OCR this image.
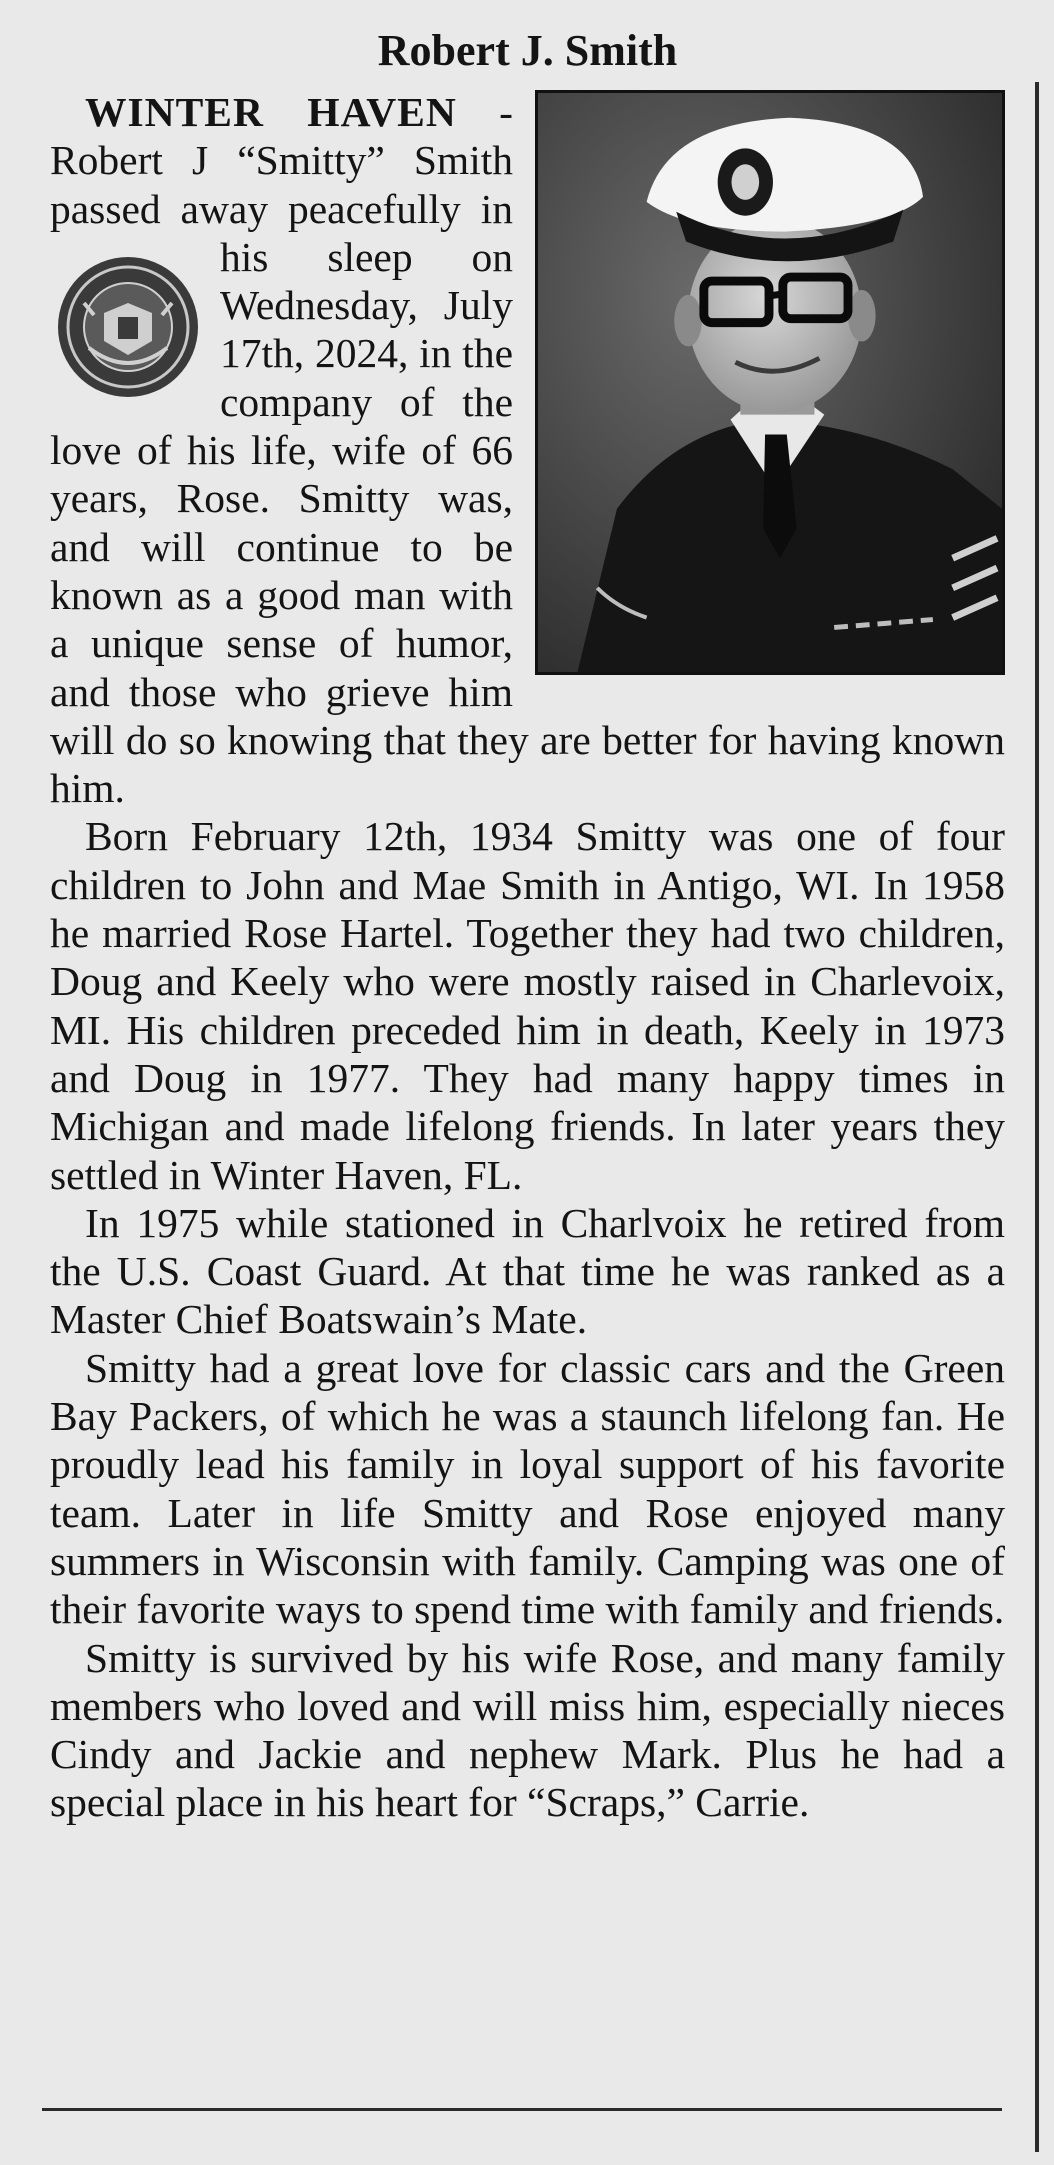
Robert J. Smith

WINTER HAVEN - Robert J “Smitty” Smith passed away peacefully
in his sleep on Wednesday, July 17th, 2024, in the company of the love of his life, wife of 66 years, Rose. Smitty was, and will continue to be known as a good man with a unique sense of humor, and those who grieve him will do so knowing that they are better for having known him.

Born February 12th, 1934 Smitty was one of four children to John and Mae Smith in Antigo, WI. In 1958 he married Rose Hartel. Together they had two children, Doug and Keely who were mostly raised in Charlevoix, MI. His children preceded him in death, Keely in 1973 and Doug in 1977. They had many happy times in Michigan and made lifelong friends. In later years they settled in Winter Haven, FL.

In 1975 while stationed in Charlvoix he retired from the U.S. Coast Guard. At that time he was ranked as a Master Chief Boatswain’s Mate.

Smitty had a great love for classic cars and the Green Bay Packers, of which he was a staunch lifelong fan. He proudly lead his family in loyal support of his favorite team. Later in life Smitty and Rose enjoyed many summers in Wisconsin with family. Camping was one of their favorite ways to spend time with family and friends.

Smitty is survived by his wife Rose, and many family members who loved and will miss him, especially nieces Cindy and Jackie and nephew Mark. Plus he had a special place in his heart for “Scraps,” Carrie.
